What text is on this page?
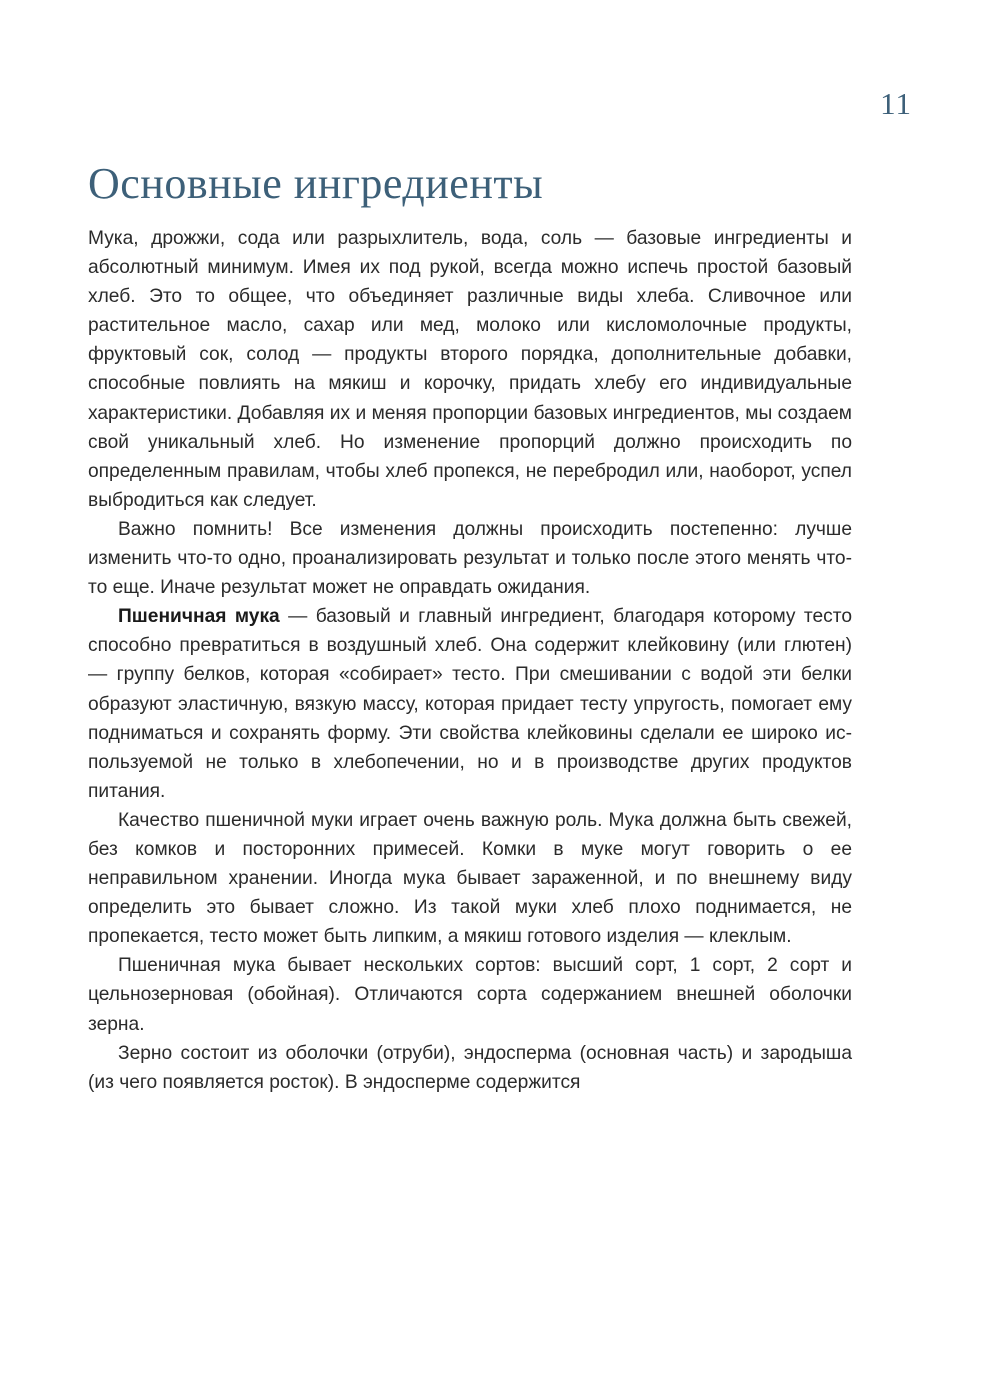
11
Основные ингредиенты

Мука, дрожжи, сода или разрыхлитель, вода, соль — базовые ингредиенты и абсолютный минимум. Имея их под рукой, всегда можно испечь простой базовый хлеб. Это то общее, что объединяет различные виды хлеба. Сливочное или растительное масло, сахар или мед, молоко или кисломолочные продукты, фруктовый сок, солод — продукты второго порядка, дополнительные добавки, способные повлиять на мякиш и корочку, придать хлебу его индивидуальные характеристики. Добавляя их и меняя пропорции базовых ингредиентов, мы создаем свой уникальный хлеб. Но изменение пропорций должно происходить по определенным правилам, чтобы хлеб пропекся, не перебродил или, наоборот, успел выбродиться как следует.

Важно помнить! Все изменения должны происходить постепенно: лучше изменить что-то одно, проанализировать результат и только после этого менять что-то еще. Иначе результат может не оправдать ожидания.

Пшеничная мука — базовый и главный ингредиент, благодаря которому тесто способно превратиться в воздушный хлеб. Она содержит клейковину (или глютен) — группу белков, которая «собирает» тесто. При смешивании с водой эти белки образуют эластичную, вязкую массу, которая придает тесту упругость, помогает ему подниматься и сохранять форму. Эти свойства клейковины сделали ее широко используемой не только в хлебопечении, но и в производстве других продуктов питания.

Качество пшеничной муки играет очень важную роль. Мука должна быть свежей, без комков и посторонних примесей. Комки в муке могут говорить о ее неправильном хранении. Иногда мука бывает зараженной, и по внешнему виду определить это бывает сложно. Из такой муки хлеб плохо поднимается, не пропекается, тесто может быть липким, а мякиш готового изделия — клеклым.

Пшеничная мука бывает нескольких сортов: высший сорт, 1 сорт, 2 сорт и цельнозерновая (обойная). Отличаются сорта содержанием внешней оболочки зерна.

Зерно состоит из оболочки (отруби), эндосперма (основная часть) и зародыша (из чего появляется росток). В эндосперме содержится
